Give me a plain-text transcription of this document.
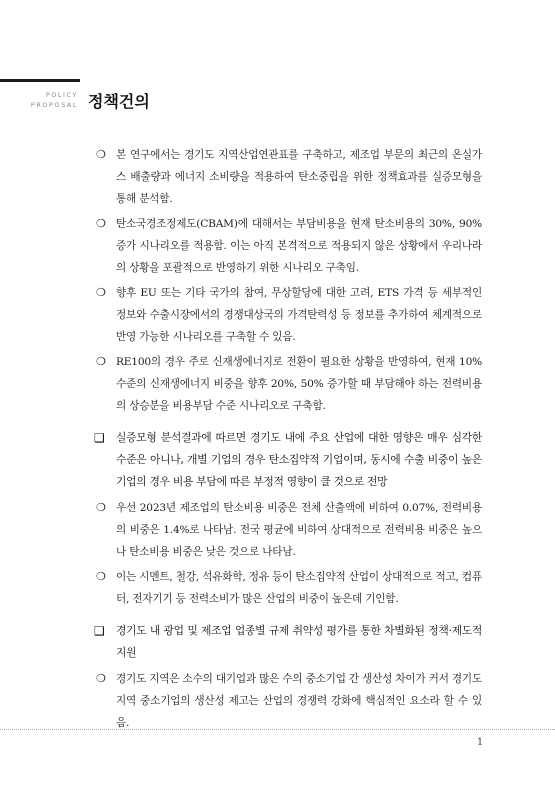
POLICY
PROPOSAL 정책건의
❍ 본 연구에서는 경기도 지역산업연관표를 구축하고, 제조업 부문의 최근의 온실가스 배출량과 에너지 소비량을 적용하여 탄소중립을 위한 정책효과를 실증모형을 통해 분석함.
❍ 탄소국경조정제도(CBAM)에 대해서는 부담비용을 현재 탄소비용의 30%, 90% 증가 시나리오를 적용함. 이는 아직 본격적으로 적용되지 않은 상황에서 우리나라의 상황을 포괄적으로 반영하기 위한 시나리오 구축임.
❍ 향후 EU 또는 기타 국가의 참여, 무상할당에 대한 고려, ETS 가격 등 세부적인 정보와 수출시장에서의 경쟁대상국의 가격탄력성 등 정보를 추가하여 체계적으로 반영 가능한 시나리오를 구축할 수 있음.
❍ RE100의 경우 주로 신재생에너지로 전환이 필요한 상황을 반영하여, 현재 10% 수준의 신재생에너지 비중을 향후 20%, 50% 증가할 때 부담해야 하는 전력비용의 상승분을 비용부담 수준 시나리오로 구축함.
❑ 실증모형 분석결과에 따르면 경기도 내에 주요 산업에 대한 영향은 매우 심각한 수준은 아니나, 개별 기업의 경우 탄소집약적 기업이며, 동시에 수출 비중이 높은 기업의 경우 비용 부담에 따른 부정적 영향이 클 것으로 전망
❍ 우선 2023년 제조업의 탄소비용 비중은 전체 산출액에 비하여 0.07%, 전력비용의 비중은 1.4%로 나타남. 전국 평균에 비하여 상대적으로 전력비용 비중은 높으나 탄소비용 비중은 낮은 것으로 나타남.
❍ 이는 시멘트, 철강, 석유화학, 정유 등이 탄소집약적 산업이 상대적으로 적고, 컴퓨터, 전자기기 등 전력소비가 많은 산업의 비중이 높은데 기인함.
❑ 경기도 내 광업 및 제조업 업종별 규제 취약성 평가를 통한 차별화된 정책·제도적 지원
❍ 경기도 지역은 소수의 대기업과 많은 수의 중소기업 간 생산성 차이가 커서 경기도 지역 중소기업의 생산성 제고는 산업의 경쟁력 강화에 핵심적인 요소라 할 수 있음.
1
